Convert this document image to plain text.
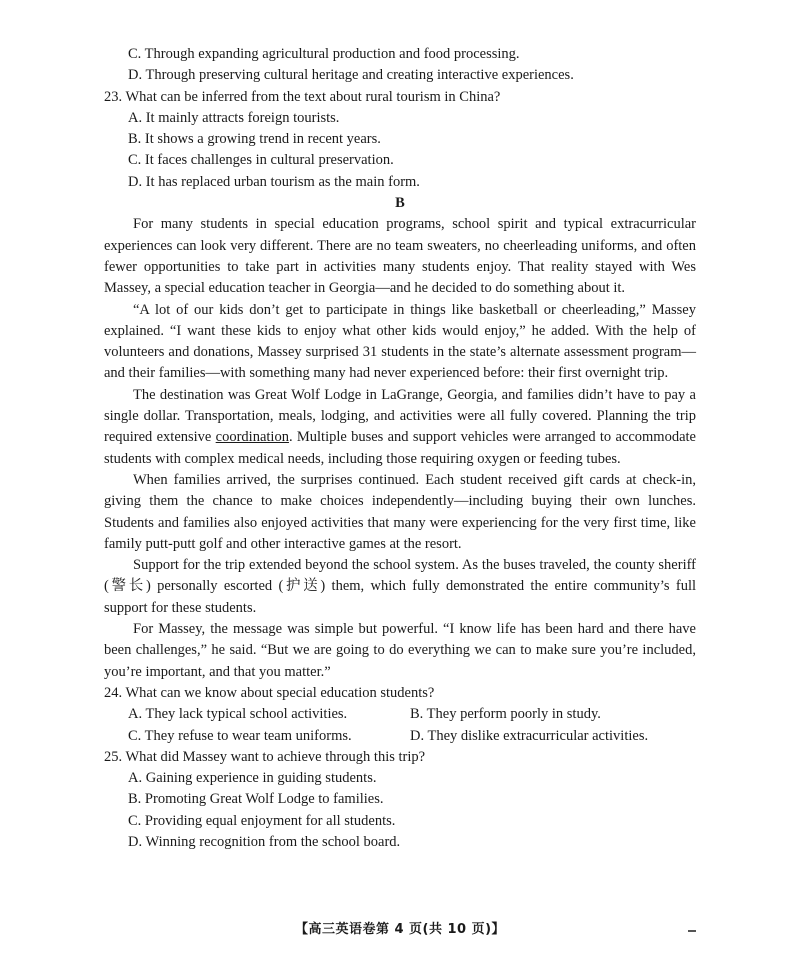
C. Through expanding agricultural production and food processing.
D. Through preserving cultural heritage and creating interactive experiences.
23. What can be inferred from the text about rural tourism in China?
A. It mainly attracts foreign tourists.
B. It shows a growing trend in recent years.
C. It faces challenges in cultural preservation.
D. It has replaced urban tourism as the main form.
B
For many students in special education programs, school spirit and typical extracurricular experiences can look very different. There are no team sweaters, no cheerleading uniforms, and often fewer opportunities to take part in activities many students enjoy. That reality stayed with Wes Massey, a special education teacher in Georgia—and he decided to do something about it.
“A lot of our kids don’t get to participate in things like basketball or cheerleading,” Massey explained. “I want these kids to enjoy what other kids would enjoy,” he added. With the help of volunteers and donations, Massey surprised 31 students in the state’s alternate assessment program—and their families—with something many had never experienced before: their first overnight trip.
The destination was Great Wolf Lodge in LaGrange, Georgia, and families didn’t have to pay a single dollar. Transportation, meals, lodging, and activities were all fully covered. Planning the trip required extensive coordination. Multiple buses and support vehicles were arranged to accommodate students with complex medical needs, including those requiring oxygen or feeding tubes.
When families arrived, the surprises continued. Each student received gift cards at check-in, giving them the chance to make choices independently—including buying their own lunches. Students and families also enjoyed activities that many were experiencing for the very first time, like family putt-putt golf and other interactive games at the resort.
Support for the trip extended beyond the school system. As the buses traveled, the county sheriff (警长) personally escorted (护送) them, which fully demonstrated the entire community’s full support for these students.
For Massey, the message was simple but powerful. “I know life has been hard and there have been challenges,” he said. “But we are going to do everything we can to make sure you’re included, you’re important, and that you matter.”
24. What can we know about special education students?
A. They lack typical school activities.	B. They perform poorly in study.
C. They refuse to wear team uniforms.	D. They dislike extracurricular activities.
25. What did Massey want to achieve through this trip?
A. Gaining experience in guiding students.
B. Promoting Great Wolf Lodge to families.
C. Providing equal enjoyment for all students.
D. Winning recognition from the school board.
【高三英语卷第 4 页(共 10 页)】
